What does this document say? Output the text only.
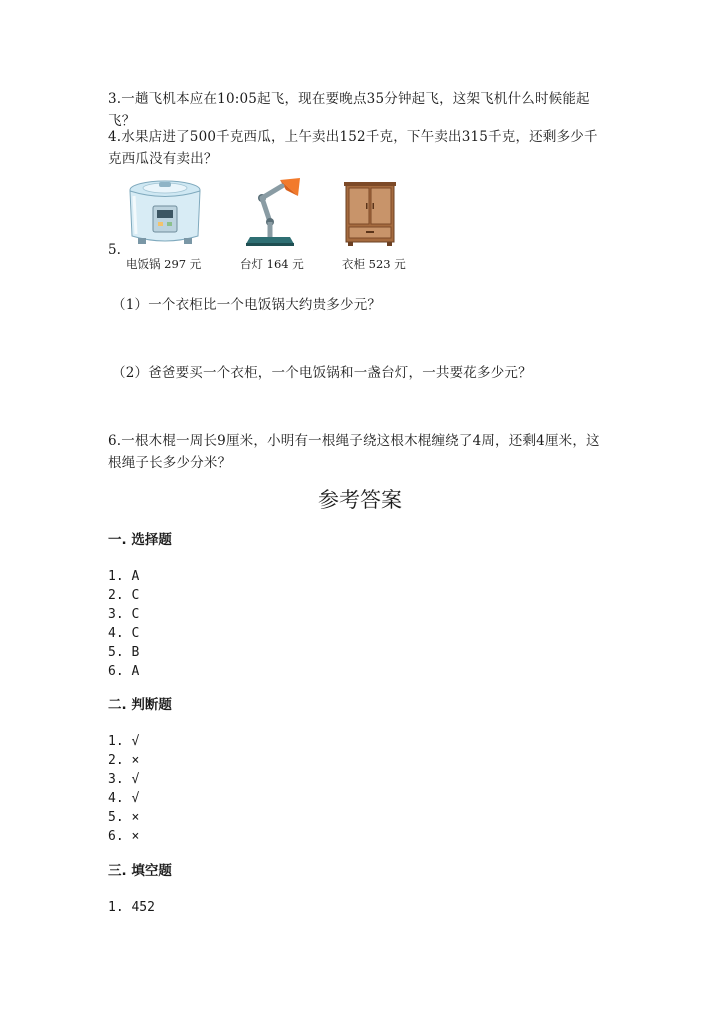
3.一趟飞机本应在10:05起飞，现在要晚点35分钟起飞，这架飞机什么时候能起飞？
4.水果店进了500千克西瓜，上午卖出152千克，下午卖出315千克，还剩多少千克西瓜没有卖出？
5.
电饭锅 297 元	台灯 164 元	衣柜 523 元
（1）一个衣柜比一个电饭锅大约贵多少元？
（2）爸爸要买一个衣柜，一个电饭锅和一盏台灯，一共要花多少元？
6.一根木棍一周长9厘米，小明有一根绳子绕这根木棍缠绕了4周，还剩4厘米，这根绳子长多少分米？
参考答案
一. 选择题
1. A
2. C
3. C
4. C
5. B
6. A
二. 判断题
1. √
2. ×
3. √
4. √
5. ×
6. ×
三. 填空题
1. 452
